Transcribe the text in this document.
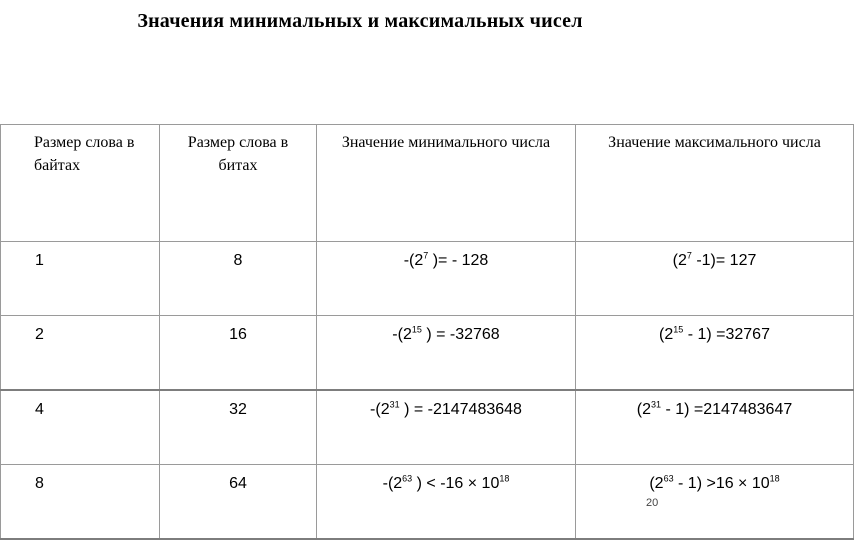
Значения минимальных и максимальных чисел
Размер слова в байтах	Размер слова в битах	Значение минимального числа	Значение максимального числа
1	8	$-(2^7$ )= - 128	($2^7$ -1)= 127
2	16	$-(2^{15}$ ) = -32768	$(2^{15} - 1) =32767$
4	32	$-(2^{31}$ ) = -2147483648	$(2^{31} - 1) =2147483647$
8	64	$-(2^{63}$ ) < $-16 \times 10^{18}$	$(2^{63} - 1) >16 \times 10^{18}$
20
